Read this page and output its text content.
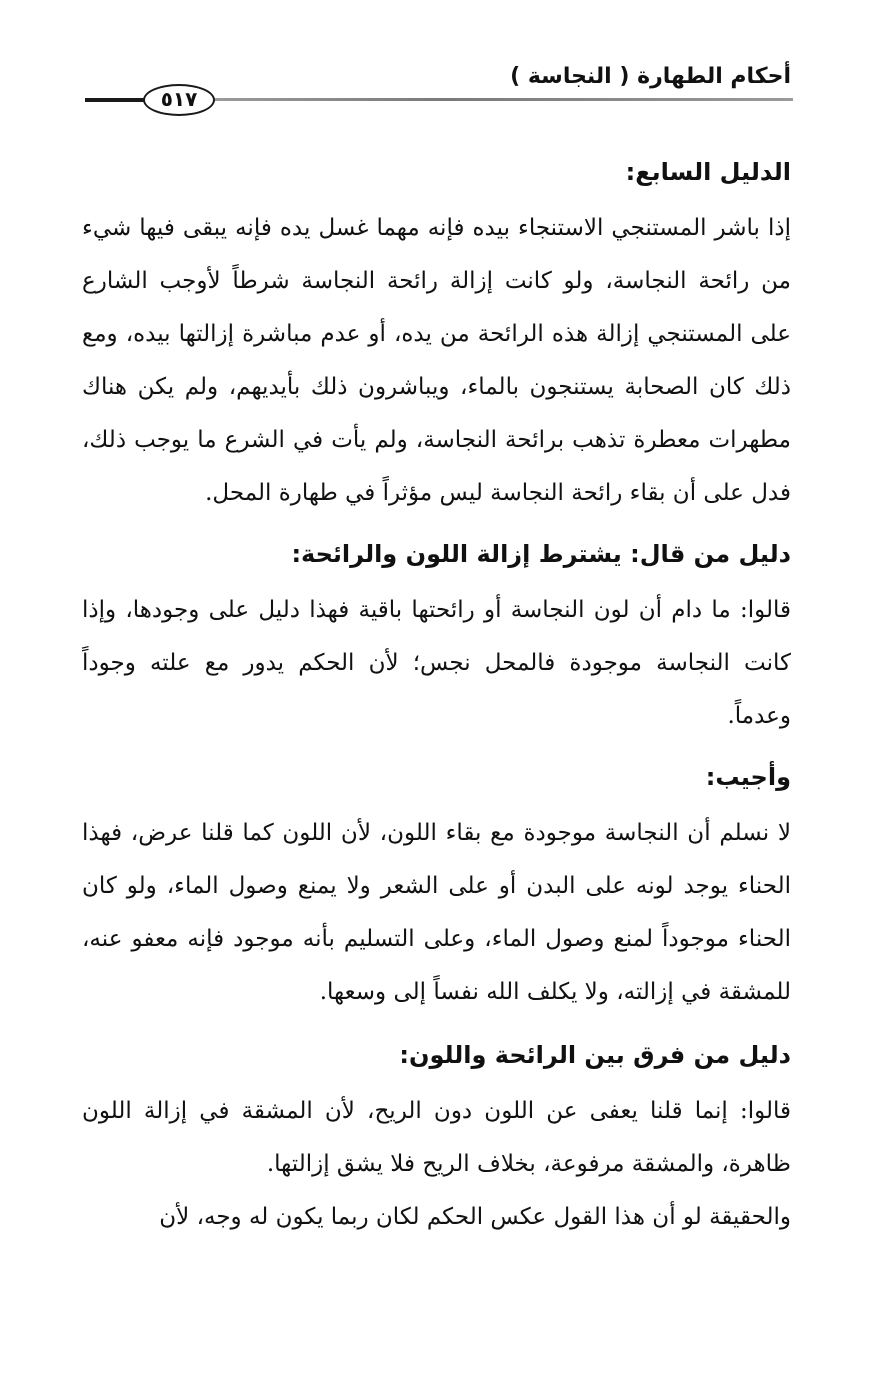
أحكام الطهارة ( النجاسة )
٥١٧
الدليل السابع:

إذا باشر المستنجي الاستنجاء بيده فإنه مهما غسل يده فإنه يبقى فيها شيء من رائحة النجاسة، ولو كانت إزالة رائحة النجاسة شرطاً لأوجب الشارع على المستنجي إزالة هذه الرائحة من يده، أو عدم مباشرة إزالتها بيده، ومع ذلك كان الصحابة يستنجون بالماء، ويباشرون ذلك بأيديهم، ولم يكن هناك مطهرات معطرة تذهب برائحة النجاسة، ولم يأت في الشرع ما يوجب ذلك، فدل على أن بقاء رائحة النجاسة ليس مؤثراً في طهارة المحل.

دليل من قال: يشترط إزالة اللون والرائحة:

قالوا: ما دام أن لون النجاسة أو رائحتها باقية فهذا دليل على وجودها، وإذا كانت النجاسة موجودة فالمحل نجس؛ لأن الحكم يدور مع علته وجوداً وعدماً.

وأجيب:

لا نسلم أن النجاسة موجودة مع بقاء اللون، لأن اللون كما قلنا عرض، فهذا الحناء يوجد لونه على البدن أو على الشعر ولا يمنع وصول الماء، ولو كان الحناء موجوداً لمنع وصول الماء، وعلى التسليم بأنه موجود فإنه معفو عنه، للمشقة في إزالته، ولا يكلف الله نفساً إلى وسعها.

دليل من فرق بين الرائحة واللون:

قالوا: إنما قلنا يعفى عن اللون دون الريح، لأن المشقة في إزالة اللون ظاهرة، والمشقة مرفوعة، بخلاف الريح فلا يشق إزالتها.

والحقيقة لو أن هذا القول عكس الحكم لكان ربما يكون له وجه، لأن
